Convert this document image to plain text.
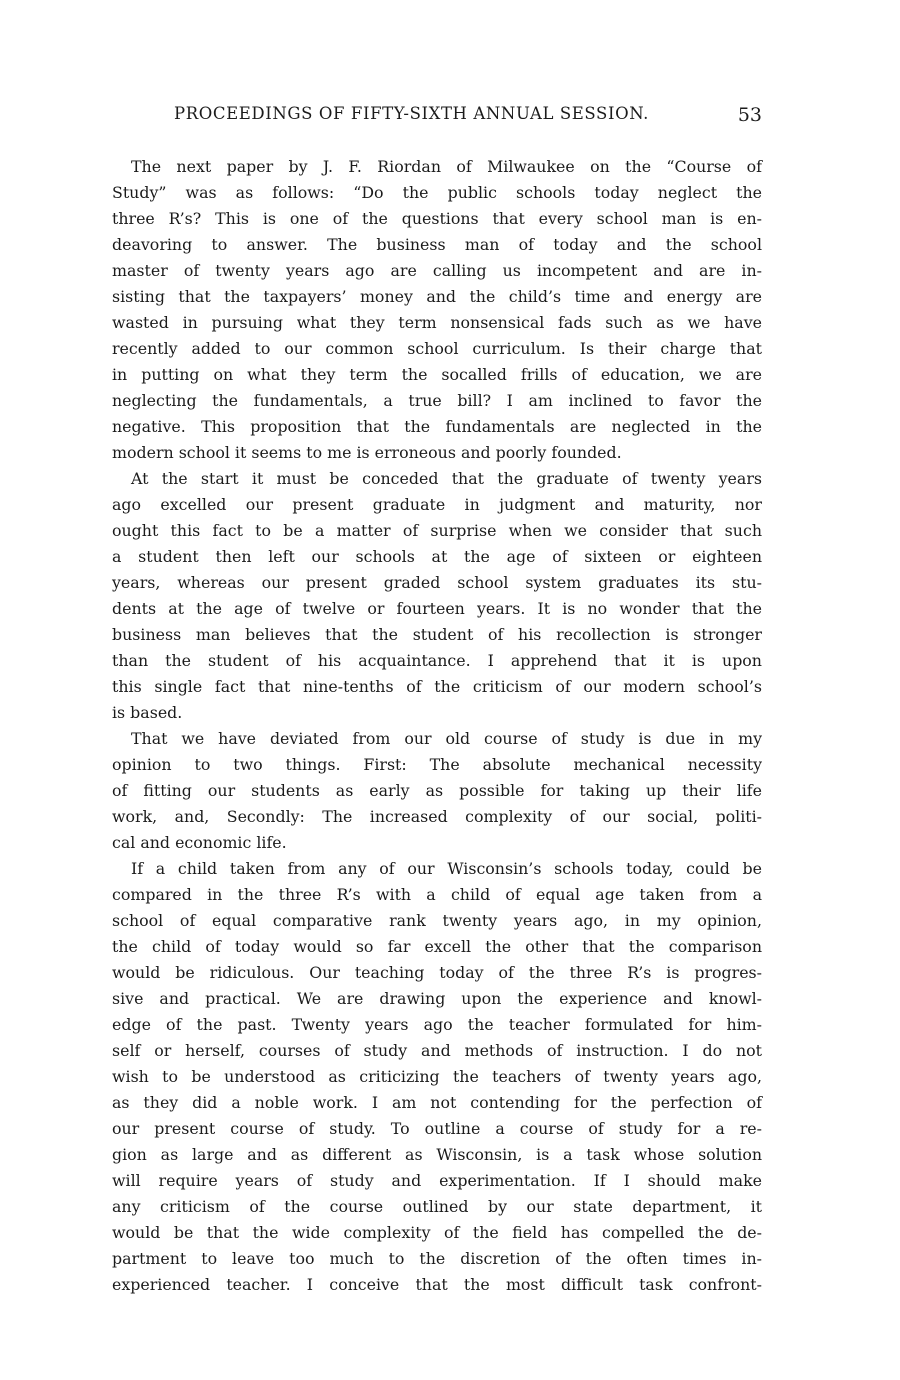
PROCEEDINGS OF FIFTY-SIXTH ANNUAL SESSION.	53
The next paper by J. F. Riordan of Milwaukee on the “Course of
Study” was as follows: “Do the public schools today neglect the
three R’s? This is one of the questions that every school man is en-
deavoring to answer. The business man of today and the school
master of twenty years ago are calling us incompetent and are in-
sisting that the taxpayers’ money and the child’s time and energy are
wasted in pursuing what they term nonsensical fads such as we have
recently added to our common school curriculum. Is their charge that
in putting on what they term the socalled frills of education, we are
neglecting the fundamentals, a true bill? I am inclined to favor the
negative. This proposition that the fundamentals are neglected in the
modern school it seems to me is erroneous and poorly founded.
At the start it must be conceded that the graduate of twenty years
ago excelled our present graduate in judgment and maturity, nor
ought this fact to be a matter of surprise when we consider that such
a student then left our schools at the age of sixteen or eighteen
years, whereas our present graded school system graduates its stu-
dents at the age of twelve or fourteen years. It is no wonder that the
business man believes that the student of his recollection is stronger
than the student of his acquaintance. I apprehend that it is upon
this single fact that nine-tenths of the criticism of our modern school’s
is based.
That we have deviated from our old course of study is due in my
opinion to two things. First: The absolute mechanical necessity
of fitting our students as early as possible for taking up their life
work, and, Secondly: The increased complexity of our social, politi-
cal and economic life.
If a child taken from any of our Wisconsin’s schools today, could be
compared in the three R’s with a child of equal age taken from a
school of equal comparative rank twenty years ago, in my opinion,
the child of today would so far excell the other that the comparison
would be ridiculous. Our teaching today of the three R’s is progres-
sive and practical. We are drawing upon the experience and knowl-
edge of the past. Twenty years ago the teacher formulated for him-
self or herself, courses of study and methods of instruction. I do not
wish to be understood as criticizing the teachers of twenty years ago,
as they did a noble work. I am not contending for the perfection of
our present course of study. To outline a course of study for a re-
gion as large and as different as Wisconsin, is a task whose solution
will require years of study and experimentation. If I should make
any criticism of the course outlined by our state department, it
would be that the wide complexity of the field has compelled the de-
partment to leave too much to the discretion of the often times in-
experienced teacher. I conceive that the most difficult task confront-
